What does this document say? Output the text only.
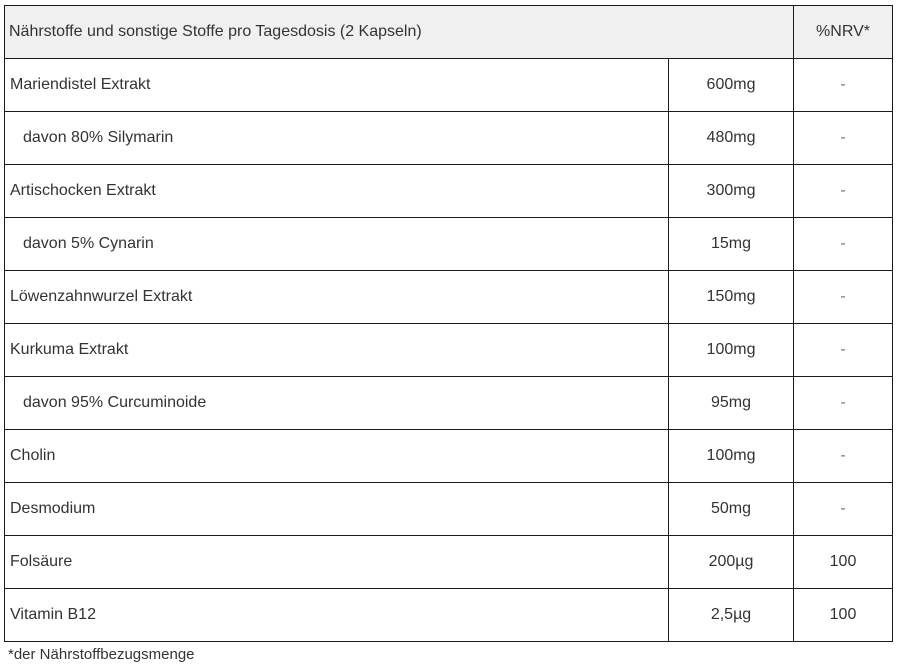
Nährstoffe und sonstige Stoffe pro Tagesdosis (2 Kapseln)		%NRV*
Mariendistel Extrakt	600mg	-
davon 80% Silymarin	480mg	-
Artischocken Extrakt	300mg	-
davon 5% Cynarin	15mg	-
Löwenzahnwurzel Extrakt	150mg	-
Kurkuma Extrakt	100mg	-
davon 95% Curcuminoide	95mg	-
Cholin	100mg	-
Desmodium	50mg	-
Folsäure	200µg	100
Vitamin B12	2,5µg	100
*der Nährstoffbezugsmenge
